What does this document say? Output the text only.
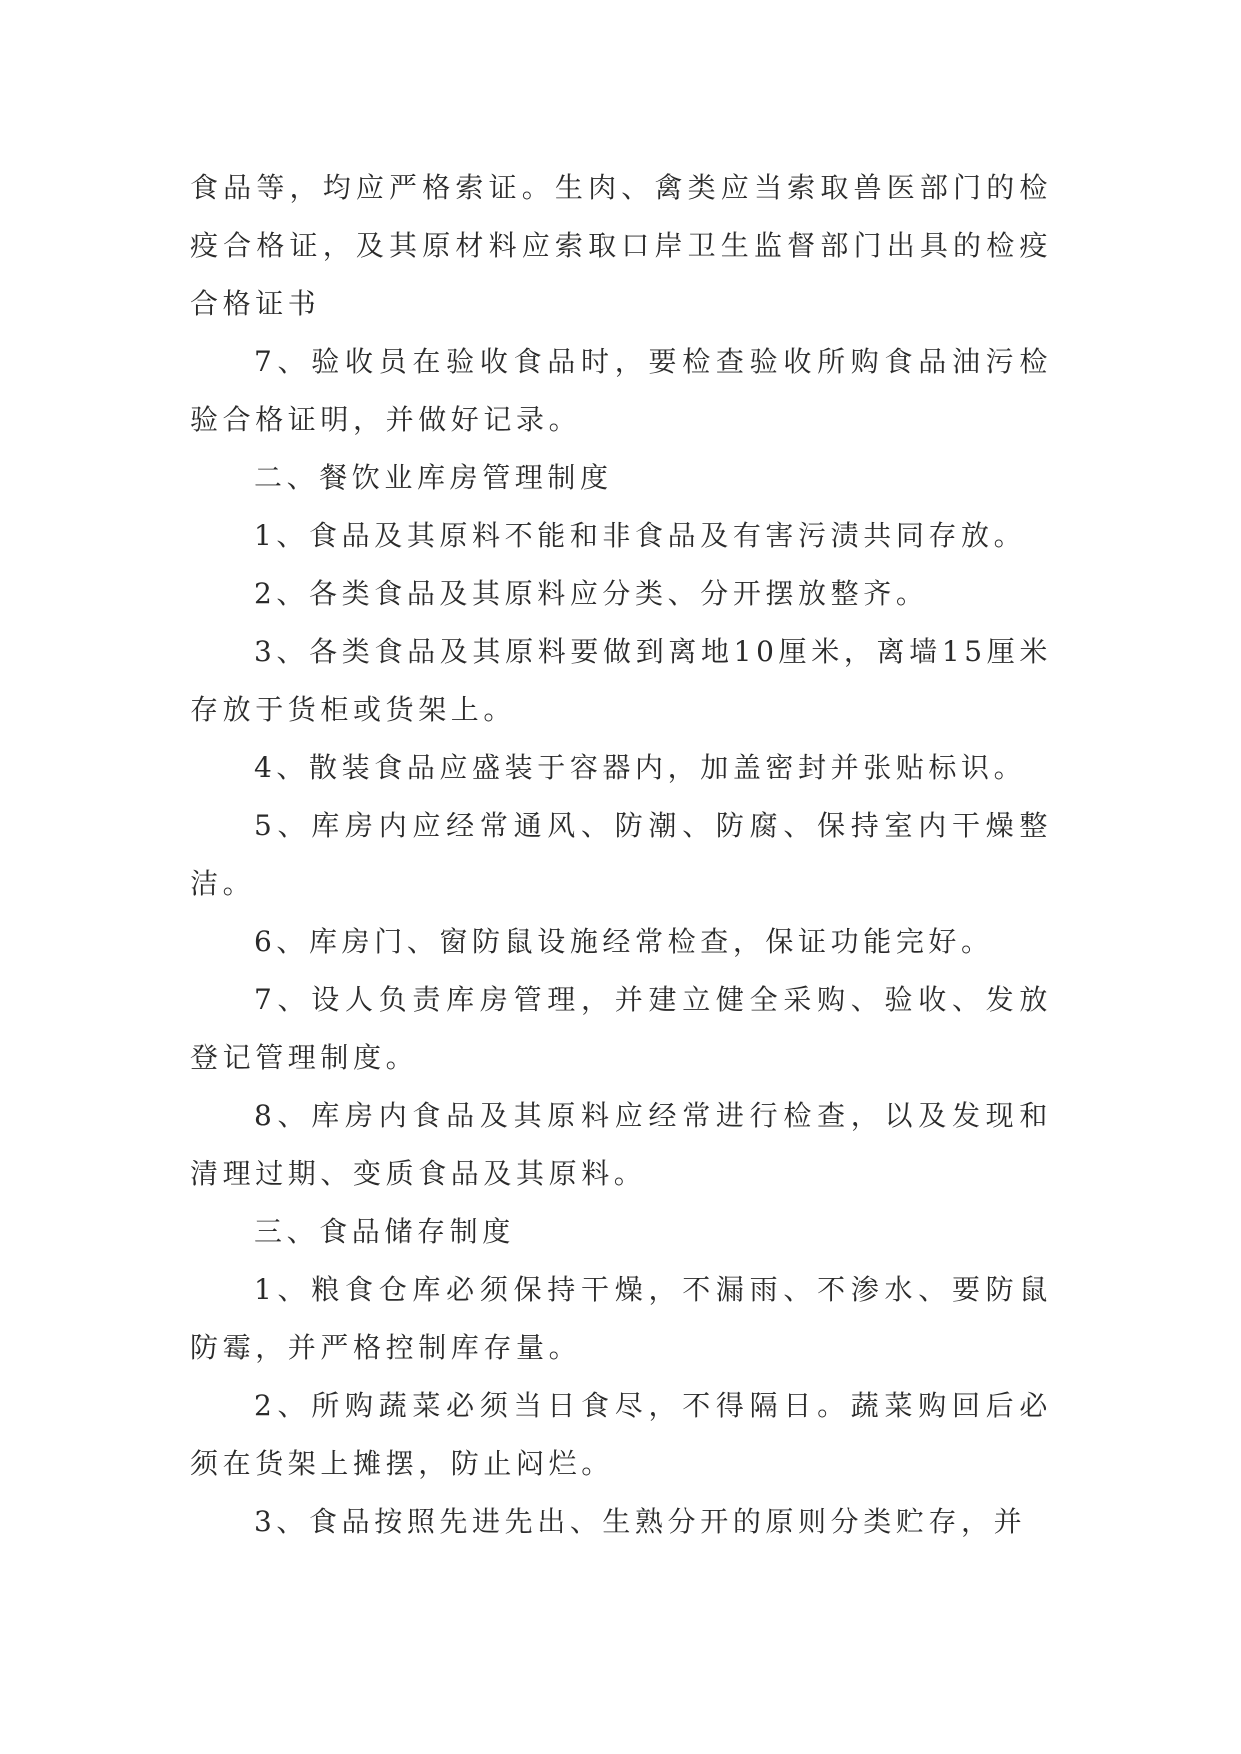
食品等，均应严格索证。生肉、禽类应当索取兽医部门的检疫合格证，及其原材料应索取口岸卫生监督部门出具的检疫合格证书

7、验收员在验收食品时，要检查验收所购食品油污检验合格证明，并做好记录。

二、餐饮业库房管理制度

1、食品及其原料不能和非食品及有害污渍共同存放。

2、各类食品及其原料应分类、分开摆放整齐。

3、各类食品及其原料要做到离地10厘米，离墙15厘米存放于货柜或货架上。

4、散装食品应盛装于容器内，加盖密封并张贴标识。

5、库房内应经常通风、防潮、防腐、保持室内干燥整洁。

6、库房门、窗防鼠设施经常检查，保证功能完好。

7、设人负责库房管理，并建立健全采购、验收、发放登记管理制度。

8、库房内食品及其原料应经常进行检查，以及发现和清理过期、变质食品及其原料。

三、食品储存制度

1、粮食仓库必须保持干燥，不漏雨、不渗水、要防鼠防霉，并严格控制库存量。

2、所购蔬菜必须当日食尽，不得隔日。蔬菜购回后必须在货架上摊摆，防止闷烂。

3、食品按照先进先出、生熟分开的原则分类贮存，并
